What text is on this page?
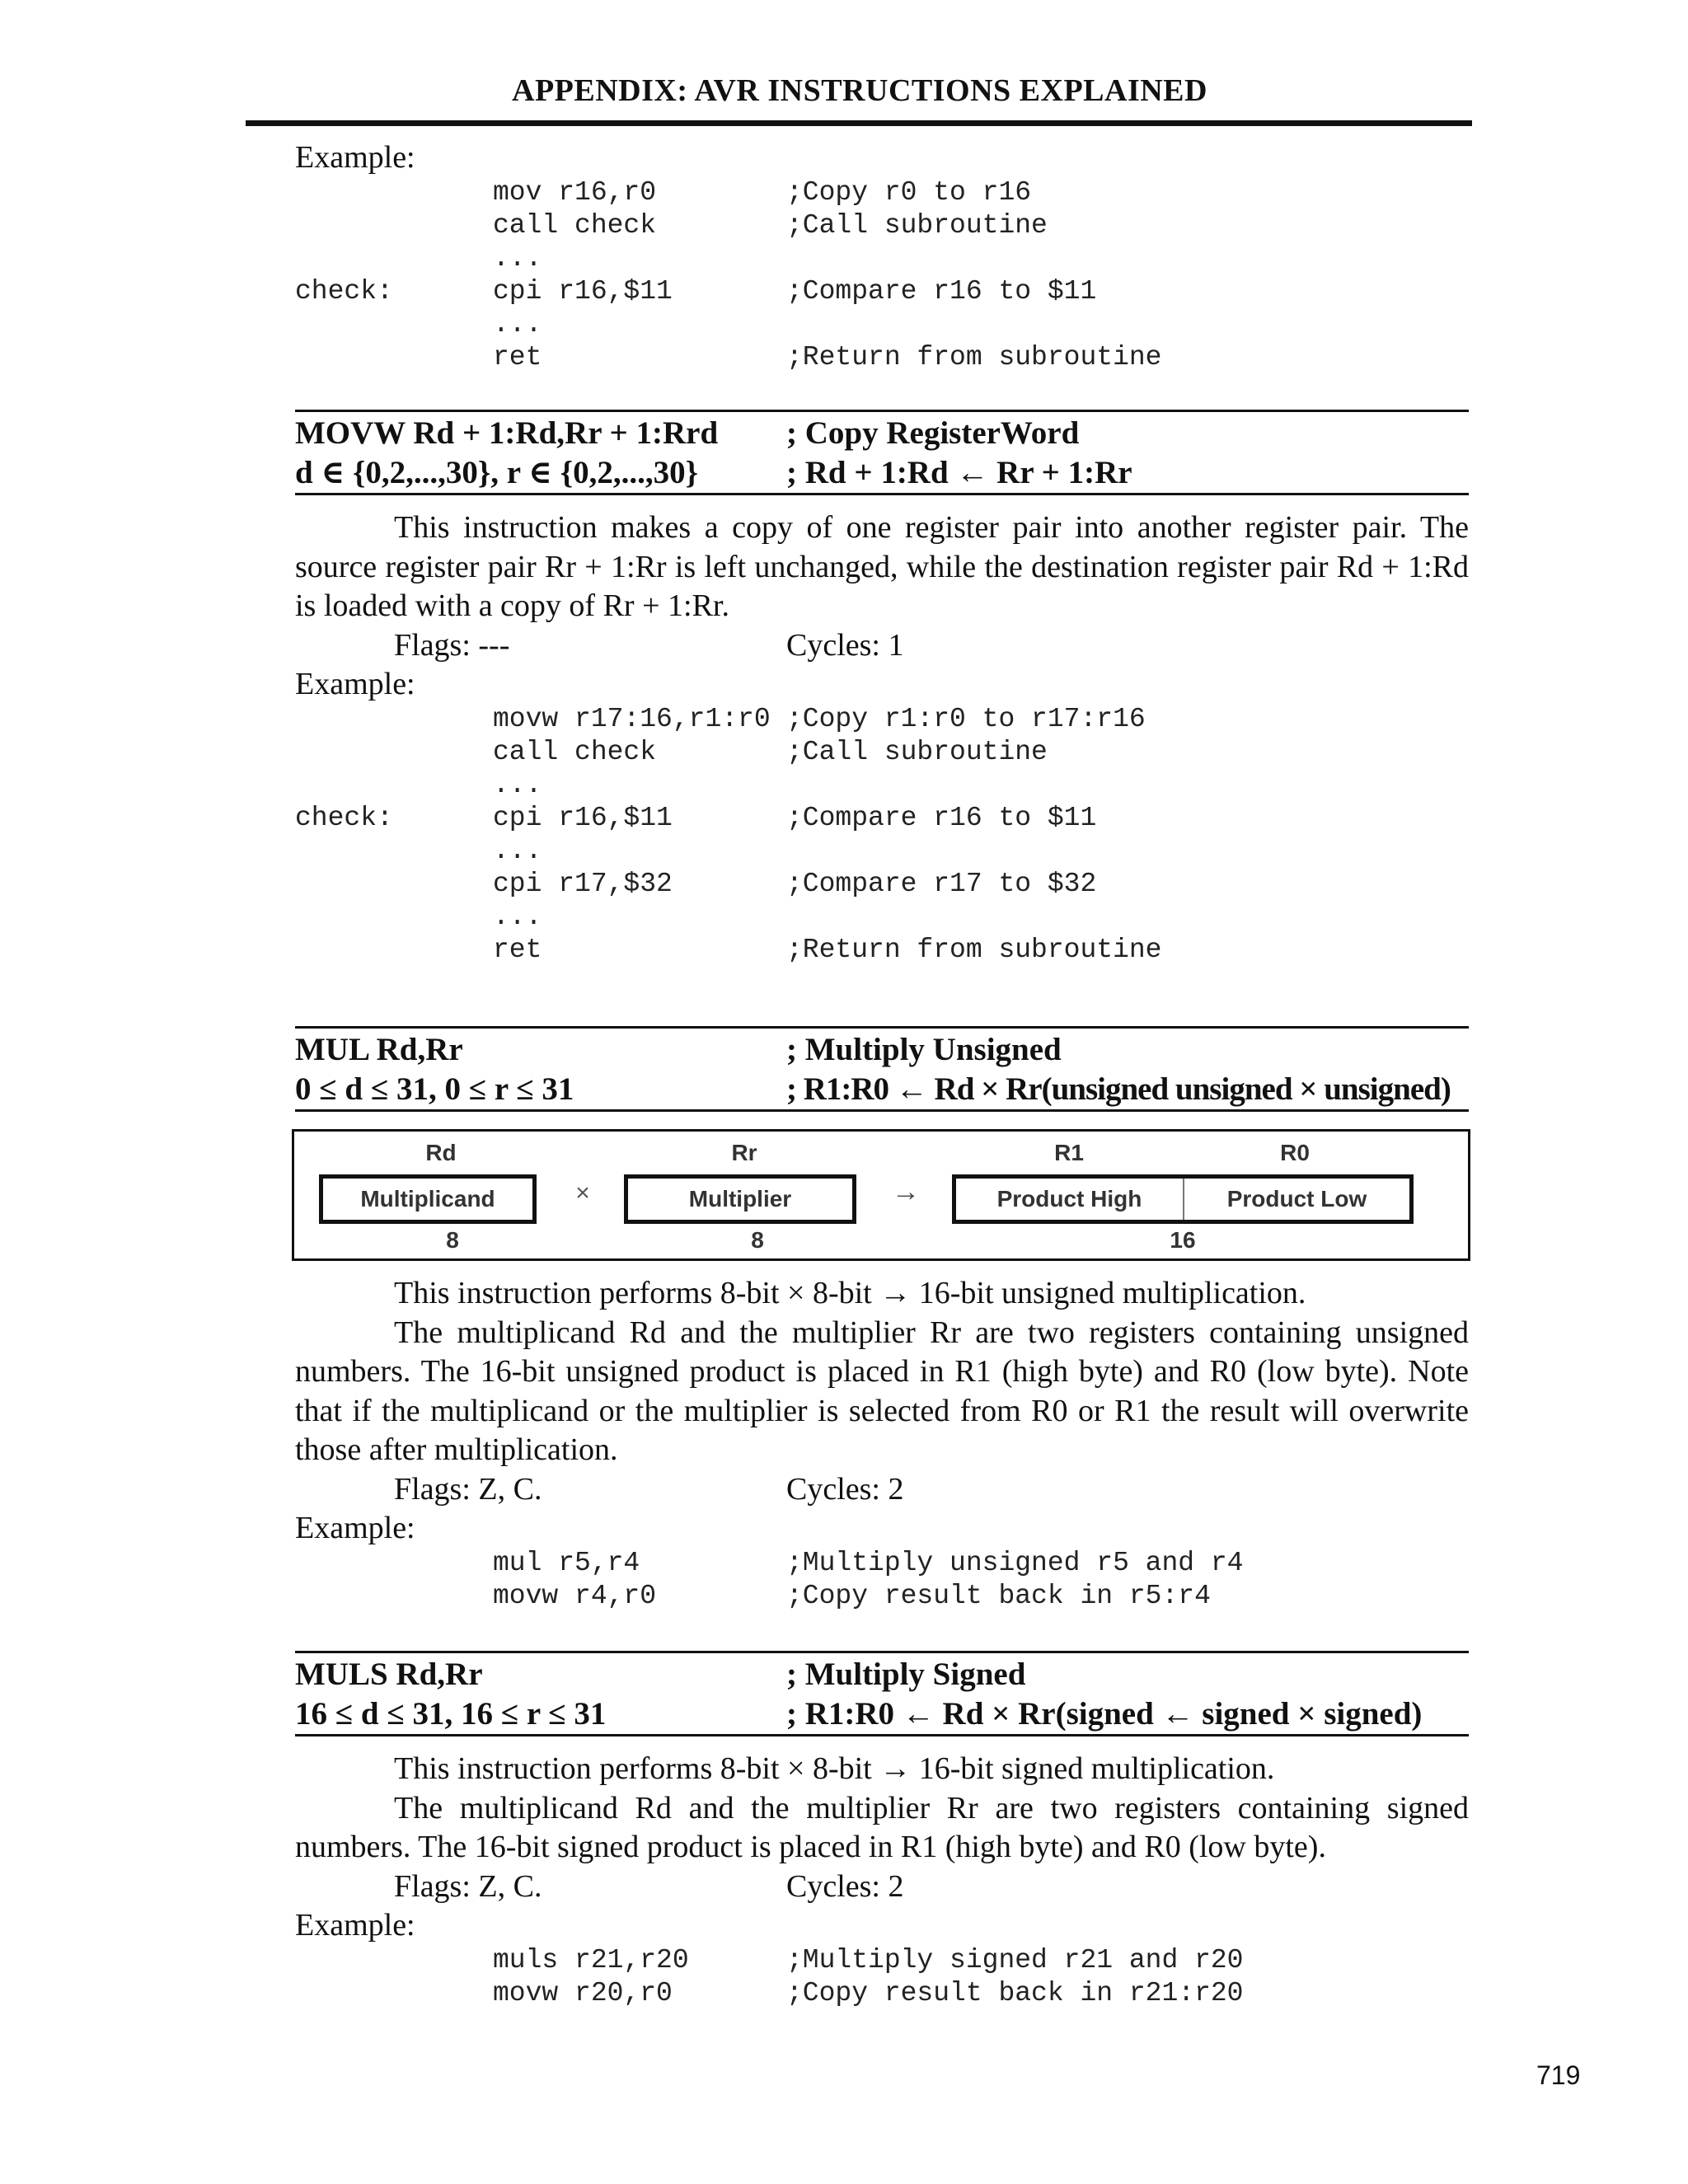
APPENDIX: AVR INSTRUCTIONS EXPLAINED
Example:
mov r16,r0	;Copy r0 to r16
call check	;Call subroutine
...
check:	cpi r16,$11	;Compare r16 to $11
...
ret	;Return from subroutine
MOVW Rd + 1:Rd,Rr + 1:Rrd	; Copy RegisterWord
d ∈ {0,2,...,30}, r ∈ {0,2,...,30}	; Rd + 1:Rd ← Rr + 1:Rr
This instruction makes a copy of one register pair into another register pair. The source register pair Rr + 1:Rr is left unchanged, while the destination register pair Rd + 1:Rd is loaded with a copy of Rr + 1:Rr.
Flags: ---	Cycles: 1
Example:
movw r17:16,r1:r0 ;Copy r1:r0 to r17:r16
call check	;Call subroutine
...
check:	cpi r16,$11	;Compare r16 to $11
...
cpi r17,$32	;Compare r17 to $32
...
ret	;Return from subroutine
MUL Rd,Rr	; Multiply Unsigned
0 ≤ d ≤ 31, 0 ≤ r ≤ 31	; R1:R0 ← Rd × Rr(unsigned unsigned × unsigned)
Rd	Rr	R1	R0
Multiplicand	×	Multiplier	→	Product High	Product Low
8	8	16
This instruction performs 8-bit × 8-bit → 16-bit unsigned multiplication.
The multiplicand Rd and the multiplier Rr are two registers containing unsigned numbers. The 16-bit unsigned product is placed in R1 (high byte) and R0 (low byte). Note that if the multiplicand or the multiplier is selected from R0 or R1 the result will overwrite those after multiplication.
Flags: Z, C.	Cycles: 2
Example:
mul r5,r4	;Multiply unsigned r5 and r4
movw r4,r0	;Copy result back in r5:r4
MULS Rd,Rr	; Multiply Signed
16 ≤ d ≤ 31, 16 ≤ r ≤ 31	; R1:R0 ← Rd × Rr(signed ← signed × signed)
This instruction performs 8-bit × 8-bit → 16-bit signed multiplication.
The multiplicand Rd and the multiplier Rr are two registers containing signed numbers. The 16-bit signed product is placed in R1 (high byte) and R0 (low byte).
Flags: Z, C.	Cycles: 2
Example:
muls r21,r20	;Multiply signed r21 and r20
movw r20,r0	;Copy result back in r21:r20
719
